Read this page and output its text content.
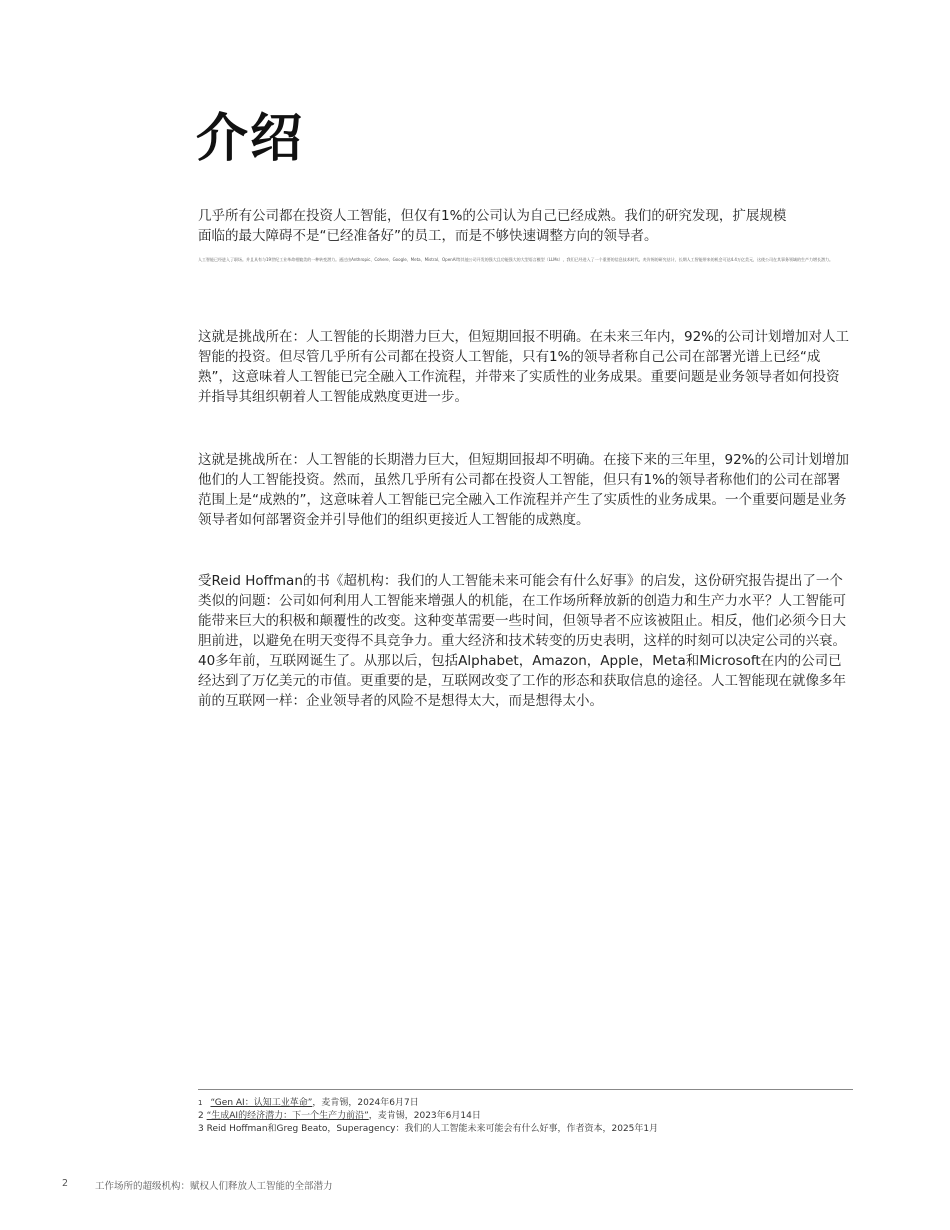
介绍

几乎所有公司都在投资人工智能，但仅有1%的公司认为自己已经成熟。我们的研究发现，扩展规模面临的最大障碍不是“已经准备好”的员工，而是不够快速调整方向的领导者。

人工智能已经进入了职场。并且具有与19世纪工业革命相媲美的一种转变潜力。通过由Anthropic、Cohere、Google、Meta、Mistral、OpenAI等其他公司开发的强大且功能强大的大型语言模型（LLMs），我们已经进入了一个重要的信息技术时代。麦肯锡的研究估计，长期人工智能带来的机会可达4.4万亿美元，这使公司在其事务领域的生产力增长潜力。

这就是挑战所在：人工智能的长期潜力巨大，但短期回报不明确。在未来三年内，92%的公司计划增加对人工智能的投资。但尽管几乎所有公司都在投资人工智能，只有1%的领导者称自己公司在部署光谱上已经“成熟”，这意味着人工智能已完全融入工作流程，并带来了实质性的业务成果。重要问题是业务领导者如何投资并指导其组织朝着人工智能成熟度更进一步。

这就是挑战所在：人工智能的长期潜力巨大，但短期回报却不明确。在接下来的三年里，92%的公司计划增加他们的人工智能投资。然而，虽然几乎所有公司都在投资人工智能，但只有1%的领导者称他们的公司在部署范围上是“成熟的”，这意味着人工智能已完全融入工作流程并产生了实质性的业务成果。一个重要问题是业务领导者如何部署资金并引导他们的组织更接近人工智能的成熟度。

受Reid Hoffman的书《超机构：我们的人工智能未来可能会有什么好事》的启发，这份研究报告提出了一个类似的问题：公司如何利用人工智能来增强人的机能，在工作场所释放新的创造力和生产力水平？人工智能可能带来巨大的积极和颠覆性的改变。这种变革需要一些时间，但领导者不应该被阻止。相反，他们必须今日大胆前进，以避免在明天变得不具竞争力。重大经济和技术转变的历史表明，这样的时刻可以决定公司的兴衰。40多年前，互联网诞生了。从那以后，包括Alphabet，Amazon，Apple，Meta和Microsoft在内的公司已经达到了万亿美元的市值。更重要的是，互联网改变了工作的形态和获取信息的途径。人工智能现在就像多年前的互联网一样：企业领导者的风险不是想得太大，而是想得太小。

$^1$ “Gen AI：认知工业革命”，麦肯锡，2024年6月7日

2 “生成AI的经济潜力：下一个生产力前沿”，麦肯锡，2023年6月14日

3 Reid Hoffman和Greg Beato，Superagency：我们的人工智能未来可能会有什么好事，作者资本，2025年1月

2	工作场所的超级机构：赋权人们释放人工智能的全部潜力
